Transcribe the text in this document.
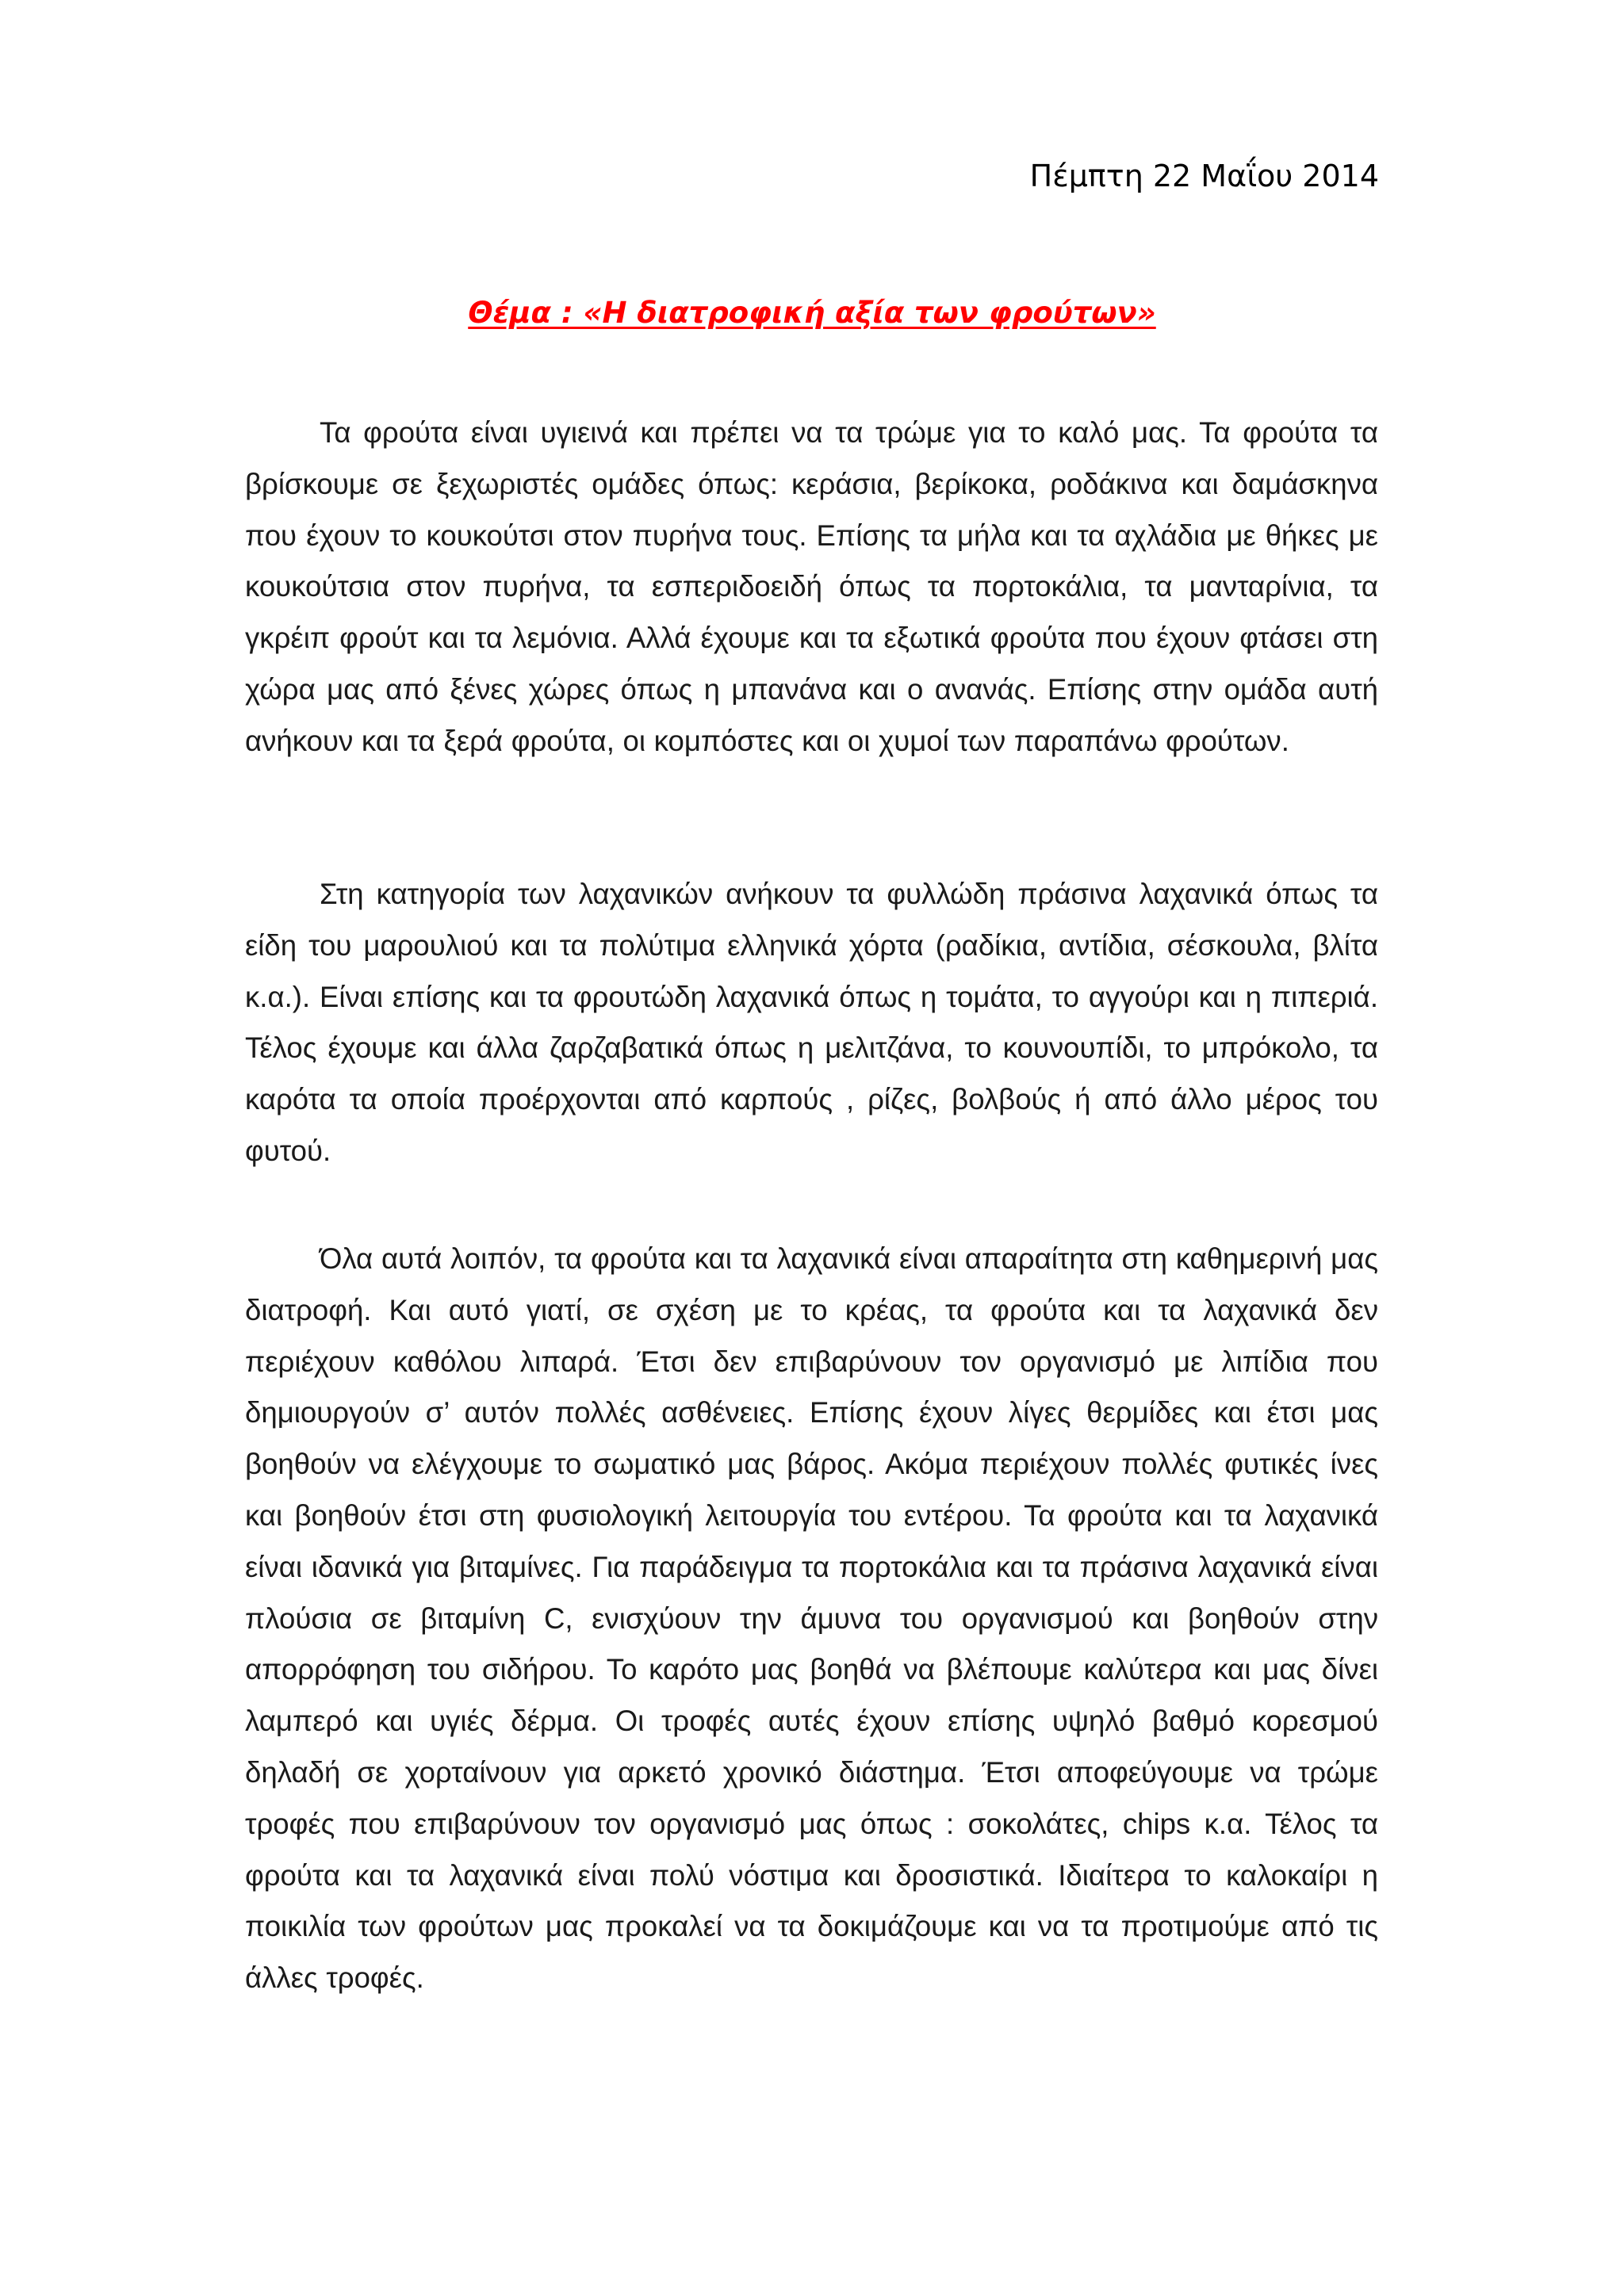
Πέμπτη 22 Μαΐου 2014
Θέμα : «Η διατροφική αξία των φρούτων»

Τα φρούτα είναι υγιεινά και πρέπει να τα τρώμε για το καλό μας. Τα φρούτα τα βρίσκουμε σε ξεχωριστές ομάδες όπως: κεράσια, βερίκοκα, ροδάκινα και δαμάσκηνα που έχουν το κουκούτσι στον πυρήνα τους. Επίσης τα μήλα και τα αχλάδια με θήκες με κουκούτσια στον πυρήνα, τα εσπεριδοειδή όπως τα πορτοκάλια, τα μανταρίνια, τα γκρέιπ φρούτ και τα λεμόνια. Αλλά έχουμε και τα εξωτικά φρούτα που έχουν φτάσει στη χώρα μας από ξένες χώρες όπως η μπανάνα και ο ανανάς. Επίσης στην ομάδα αυτή ανήκουν και τα ξερά φρούτα, οι κομπόστες και οι χυμοί των παραπάνω φρούτων.

Στη κατηγορία των λαχανικών ανήκουν τα φυλλώδη πράσινα λαχανικά όπως τα είδη του μαρουλιού και τα πολύτιμα ελληνικά χόρτα (ραδίκια, αντίδια, σέσκουλα, βλίτα κ.α.). Είναι επίσης και τα φρουτώδη λαχανικά όπως η τομάτα, το αγγούρι και η πιπεριά. Τέλος έχουμε και άλλα ζαρζαβατικά όπως η μελιτζάνα, το κουνουπίδι, το μπρόκολο, τα καρότα τα οποία προέρχονται από καρπούς , ρίζες, βολβούς ή από άλλο μέρος του φυτού.

Όλα αυτά λοιπόν, τα φρούτα και τα λαχανικά είναι απαραίτητα στη καθημερινή μας διατροφή. Και αυτό γιατί, σε σχέση με το κρέας, τα φρούτα και τα λαχανικά δεν περιέχουν καθόλου λιπαρά. Έτσι δεν επιβαρύνουν τον οργανισμό με λιπίδια που δημιουργούν σ’ αυτόν πολλές ασθένειες. Επίσης έχουν λίγες θερμίδες και έτσι μας βοηθούν να ελέγχουμε το σωματικό μας βάρος. Ακόμα περιέχουν πολλές φυτικές ίνες και βοηθούν έτσι στη φυσιολογική λειτουργία του εντέρου. Τα φρούτα και τα λαχανικά είναι ιδανικά για βιταμίνες. Για παράδειγμα τα πορτοκάλια και τα πράσινα λαχανικά είναι πλούσια σε βιταμίνη C, ενισχύουν την άμυνα του οργανισμού και βοηθούν στην απορρόφηση του σιδήρου. Το καρότο μας βοηθά να βλέπουμε καλύτερα και μας δίνει λαμπερό και υγιές δέρμα. Οι τροφές αυτές έχουν επίσης υψηλό βαθμό κορεσμού δηλαδή σε χορταίνουν για αρκετό χρονικό διάστημα. Έτσι αποφεύγουμε να τρώμε τροφές που επιβαρύνουν τον οργανισμό μας όπως : σοκολάτες, chips κ.α. Τέλος τα φρούτα και τα λαχανικά είναι πολύ νόστιμα και δροσιστικά. Ιδιαίτερα το καλοκαίρι η ποικιλία των φρούτων μας προκαλεί να τα δοκιμάζουμε και να τα προτιμούμε από τις άλλες τροφές.
